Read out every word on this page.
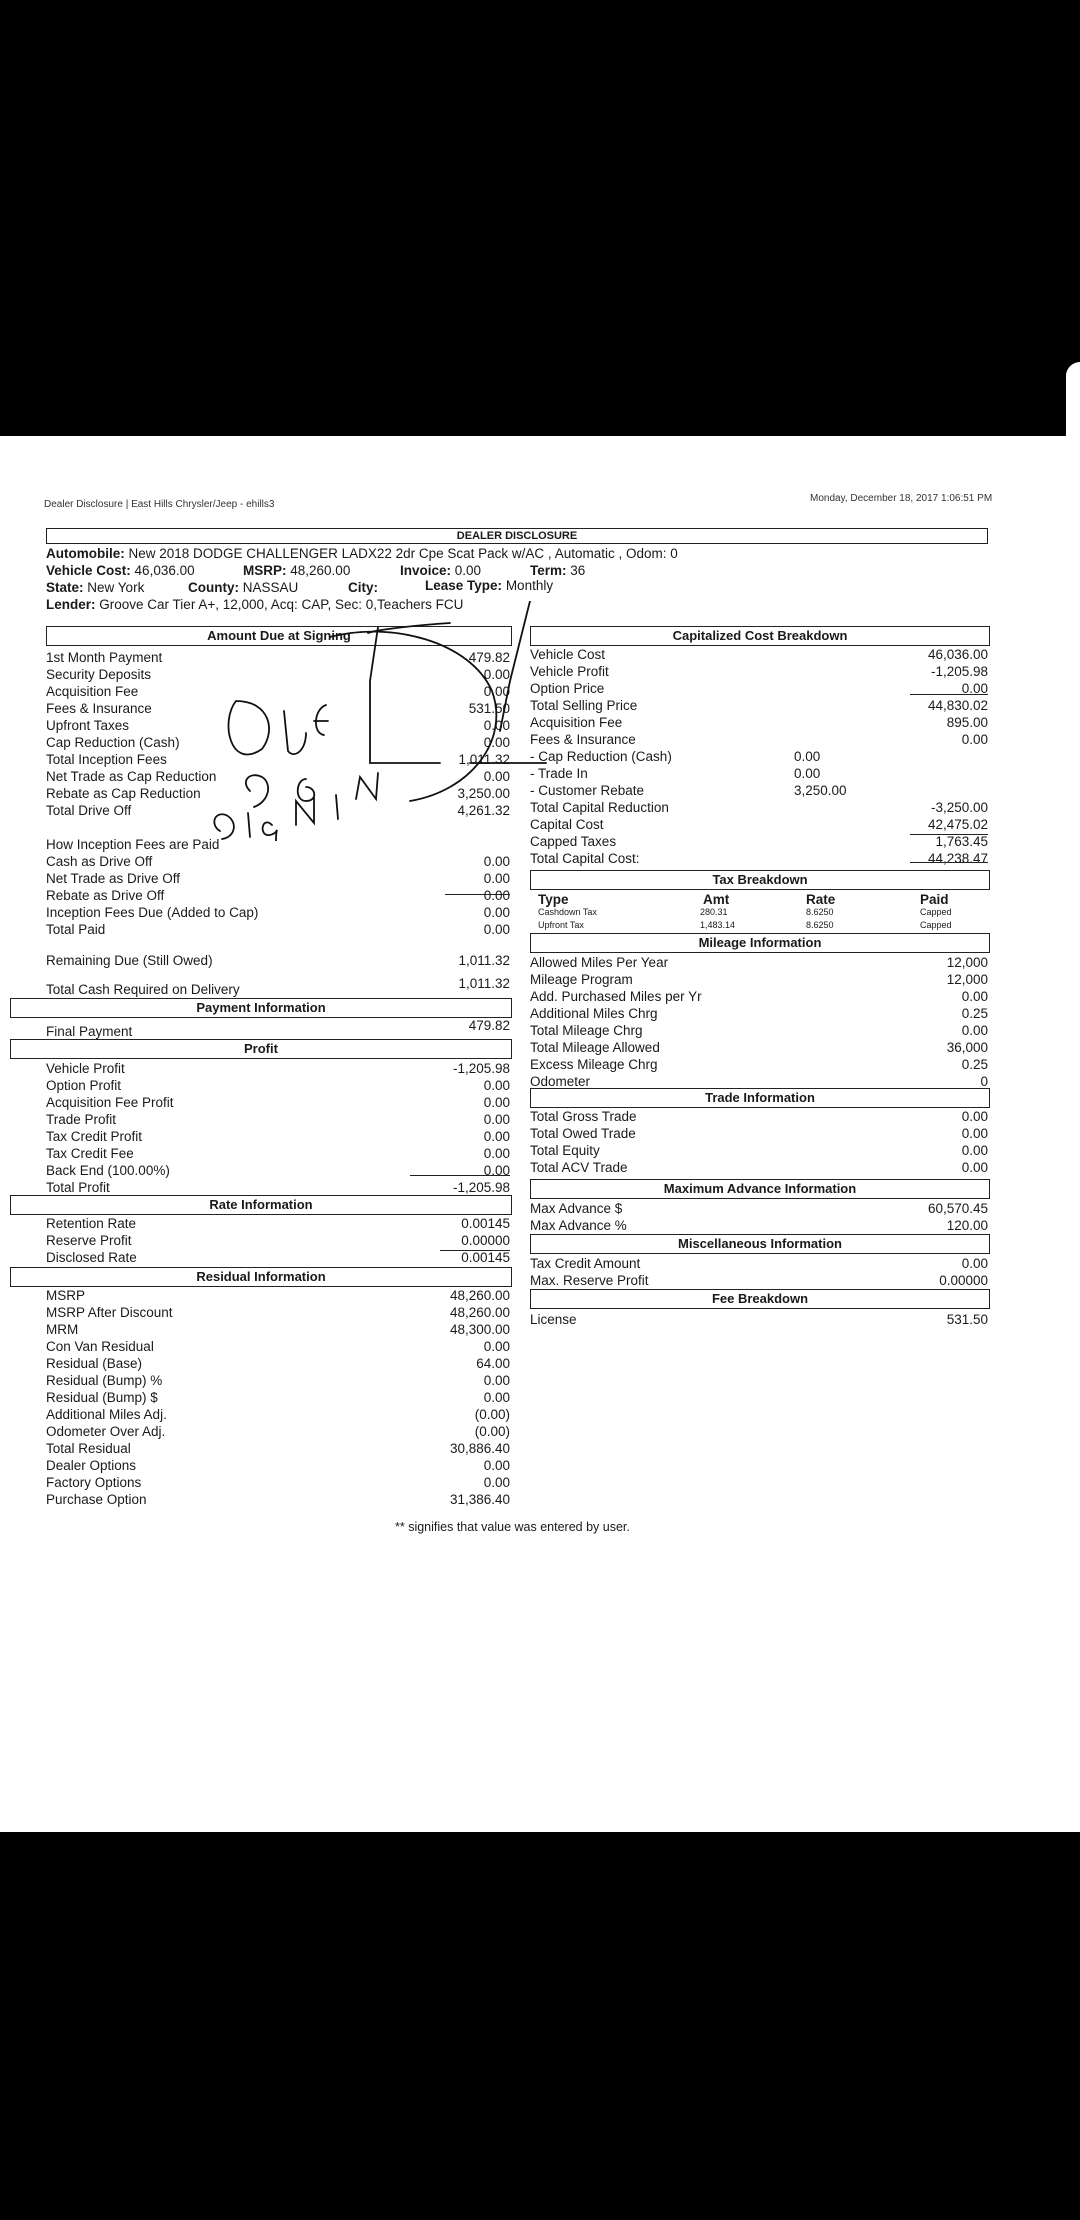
Dealer Disclosure | East Hills Chrysler/Jeep - ehills3
Monday, December 18, 2017 1:06:51 PM
DEALER DISCLOSURE
Automobile: New 2018 DODGE CHALLENGER LADX22 2dr Cpe Scat Pack w/AC , Automatic , Odom: 0
Vehicle Cost: 46,036.00	MSRP: 48,260.00	Invoice: 0.00	Term: 36
State: New York	County: NASSAU	City:	Lease Type: Monthly
Lender: Groove Car Tier A+, 12,000, Acq: CAP, Sec: 0,Teachers FCU
Amount Due at Signing
1st Month Payment	479.82
Security Deposits	0.00
Acquisition Fee	0.00
Fees & Insurance	531.50
Upfront Taxes	0.00
Cap Reduction (Cash)	0.00
Total Inception Fees	1,011.32
Net Trade as Cap Reduction	0.00
Rebate as Cap Reduction	3,250.00
Total Drive Off	4,261.32
How Inception Fees are Paid
Cash as Drive Off	0.00
Net Trade as Drive Off	0.00
Rebate as Drive Off	0.00
Inception Fees Due (Added to Cap)	0.00
Total Paid	0.00
Remaining Due (Still Owed)	1,011.32
Total Cash Required on Delivery	1,011.32
Payment Information
Final Payment	479.82
Profit
Vehicle Profit	-1,205.98
Option Profit	0.00
Acquisition Fee Profit	0.00
Trade Profit	0.00
Tax Credit Profit	0.00
Tax Credit Fee	0.00
Back End (100.00%)	0.00
Total Profit	-1,205.98
Rate Information
Retention Rate	0.00145
Reserve Profit	0.00000
Disclosed Rate	0.00145
Residual Information
MSRP	48,260.00
MSRP After Discount	48,260.00
MRM	48,300.00
Con Van Residual	0.00
Residual (Base)	64.00
Residual (Bump) %	0.00
Residual (Bump) $	0.00
Additional Miles Adj.	(0.00)
Odometer Over Adj.	(0.00)
Total Residual	30,886.40
Dealer Options	0.00
Factory Options	0.00
Purchase Option	31,386.40
Capitalized Cost Breakdown
Vehicle Cost	46,036.00
Vehicle Profit	-1,205.98
Option Price	0.00
Total Selling Price	44,830.02
Acquisition Fee	895.00
Fees & Insurance	0.00
- Cap Reduction (Cash)	0.00
- Trade In	0.00
- Customer Rebate	3,250.00
Total Capital Reduction	-3,250.00
Capital Cost	42,475.02
Capped Taxes	1,763.45
Total Capital Cost:	44,238.47
Tax Breakdown
Type	Amt	Rate	Paid
Cashdown Tax	280.31	8.6250	Capped
Upfront Tax	1,483.14	8.6250	Capped
Mileage Information
Allowed Miles Per Year	12,000
Mileage Program	12,000
Add. Purchased Miles per Yr	0.00
Additional Miles Chrg	0.25
Total Mileage Chrg	0.00
Total Mileage Allowed	36,000
Excess Mileage Chrg	0.25
Odometer	0
Trade Information
Total Gross Trade	0.00
Total Owed Trade	0.00
Total Equity	0.00
Total ACV Trade	0.00
Maximum Advance Information
Max Advance $	60,570.45
Max Advance %	120.00
Miscellaneous Information
Tax Credit Amount	0.00
Max. Reserve Profit	0.00000
Fee Breakdown
License	531.50
** signifies that value was entered by user.
